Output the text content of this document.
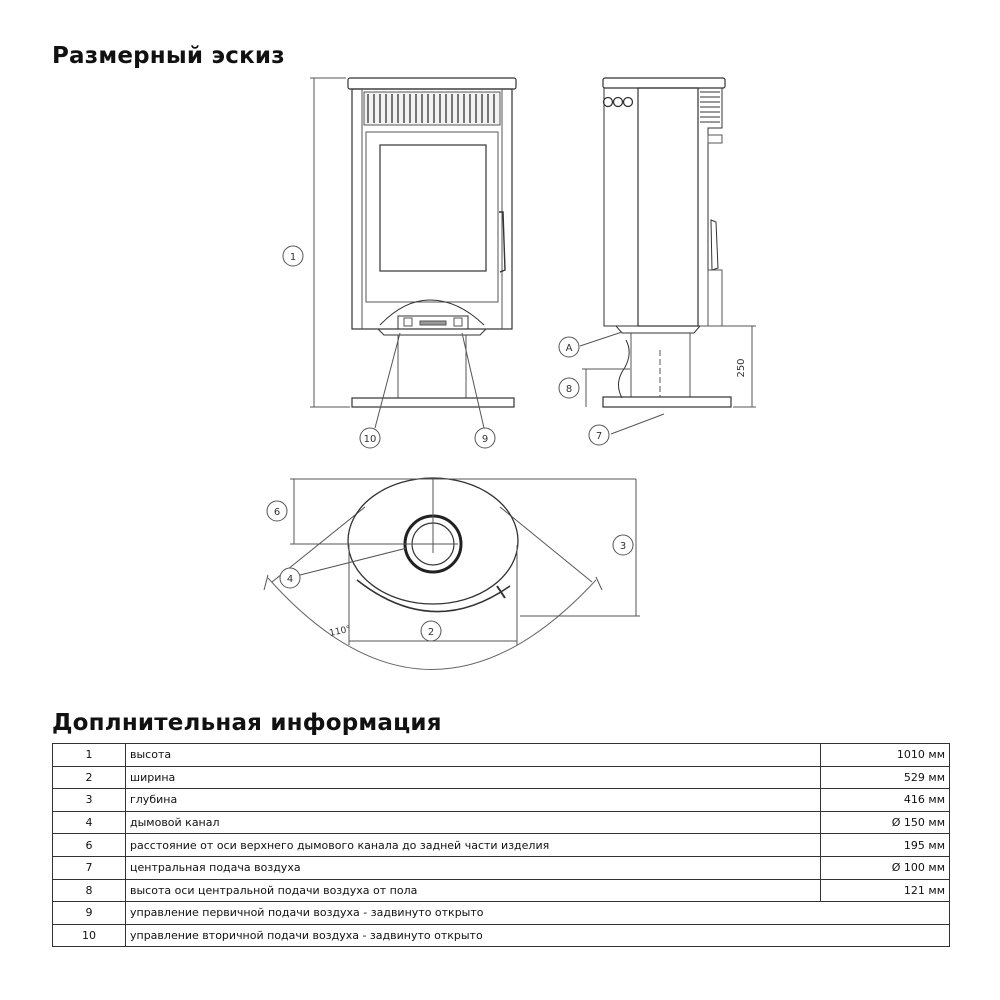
Размерный эскиз
1
10	9
A
8
7
6
4
3
2
250
110°
Доплнительная информация
1	высота	1010 мм
2	ширина	529 мм
3	глубина	416 мм
4	дымовой канал	Ø 150 мм
6	расстояние от оси верхнего дымового канала до задней части изделия	195 мм
7	центральная подача воздуха	Ø 100 мм
8	высота оси центральной подачи воздуха от пола	121 мм
9	управление первичной подачи воздуха - задвинуто открыто	
10	управление вторичной подачи воздуха - задвинуто открыто	
